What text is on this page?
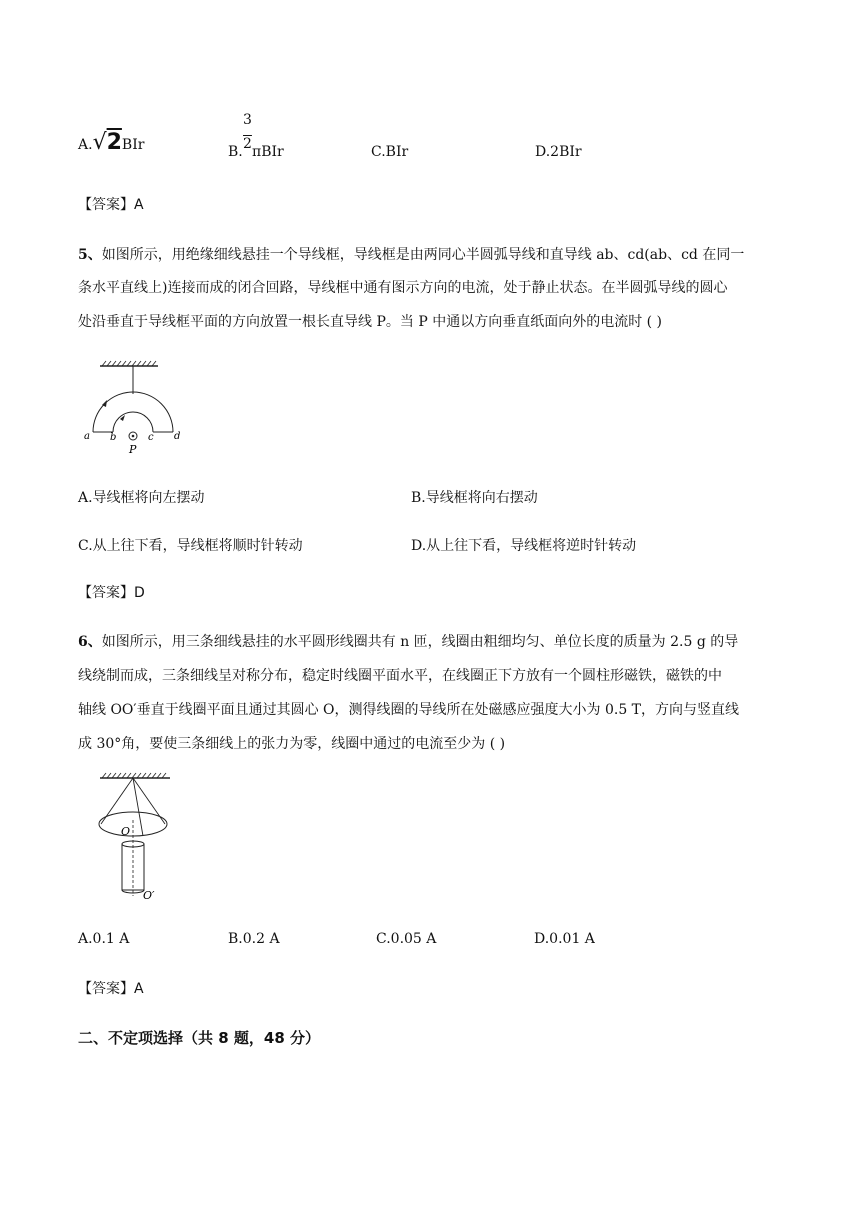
A.√2BIr
3
B. 2 πBIr	C.BIr	D.2BIr
【答案】A
5、如图所示，用绝缘细线悬挂一个导线框，导线框是由两同心半圆弧导线和直导线 ab、cd(ab、cd 在同一
条水平直线上)连接而成的闭合回路，导线框中通有图示方向的电流，处于静止状态。在半圆弧导线的圆心
处沿垂直于导线框平面的方向放置一根长直导线 P。当 P 中通以方向垂直纸面向外的电流时 ( )
a b	c d
P
A.导线框将向左摆动	B.导线框将向右摆动
C.从上往下看，导线框将顺时针转动	D.从上往下看，导线框将逆时针转动
【答案】D
6、如图所示，用三条细线悬挂的水平圆形线圈共有 n 匝，线圈由粗细均匀、单位长度的质量为 2.5 g 的导
线绕制而成，三条细线呈对称分布，稳定时线圈平面水平，在线圈正下方放有一个圆柱形磁铁，磁铁的中
轴线 OO′垂直于线圈平面且通过其圆心 O，测得线圈的导线所在处磁感应强度大小为 0.5 T，方向与竖直线
成 30°角，要使三条细线上的张力为零，线圈中通过的电流至少为 ( )
O
O′
A.0.1 A	B.0.2 A	C.0.05 A	D.0.01 A
【答案】A
二、不定项选择（共 8 题，48 分）
